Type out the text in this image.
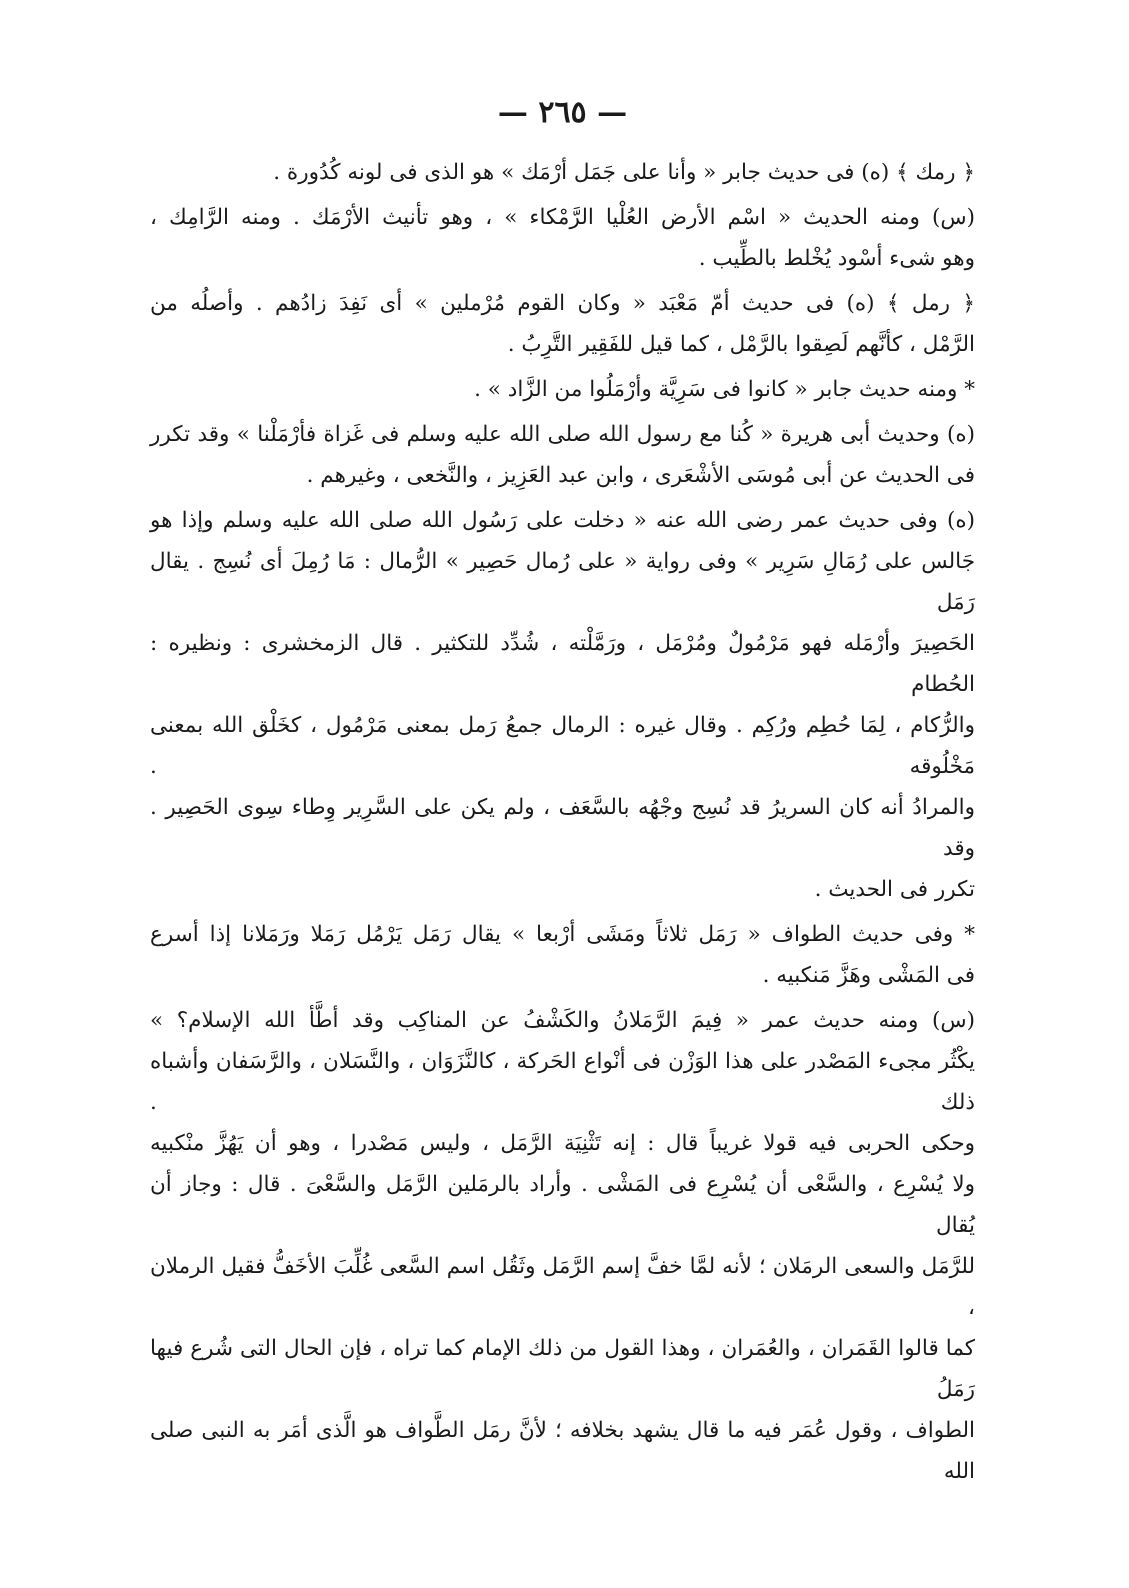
— ٢٦٥ —

﴿ رمك ﴾ (ه) فى حديث جابر « وأنا على جَمَل أرْمَك » هو الذى فى لونه كُدُورة .

(س) ومنه الحديث « اسْم الأرض العُلْيا الرَّمْكاء » ، وهو تأنيث الأرْمَك . ومنه الرَّامِك ،
وهو شىء أسْود يُخْلط بالطِّيب .

﴿ رمل ﴾ (ه) فى حديث أمّ مَعْبَد « وكان القوم مُرْملين » أى نَفِدَ زادُهم . وأصلُه من
الرَّمْل ، كأنَّهم لَصِقوا بالرَّمْل ، كما قيل للفَقِير التَّرِبُ .

* ومنه حديث جابر « كانوا فى سَرِيَّة وأرْمَلُوا من الزَّاد » .

(ه) وحديث أبى هريرة « كُنا مع رسول الله صلى الله عليه وسلم فى غَزاة فأرْمَلْنا » وقد تكرر
فى الحديث عن أبى مُوسَى الأشْعَرى ، وابن عبد العَزِيز ، والنَّخعى ، وغيرهم .

(ه) وفى حديث عمر رضى الله عنه « دخلت على رَسُول الله صلى الله عليه وسلم وإذا هو
جَالس على رُمَالِ سَرِير » وفى رواية « على رُمال حَصِير » الرُّمال : مَا رُمِلَ أى نُسِج . يقال رَمَل
الحَصِيرَ وأرْمَله فهو مَرْمُولٌ ومُرْمَل ، ورَمَّلْته ، شُدِّد للتكثير . قال الزمخشرى : ونظيره : الحُطام
والرُّكام ، لِمَا حُطِم ورُكِم . وقال غيره : الرمال جمعُ رَمل بمعنى مَرْمُول ، كخَلْق الله بمعنى مَخْلُوقه .
والمرادُ أنه كان السريرُ قد نُسِج وجْهُه بالسَّعَف ، ولم يكن على السَّرِير وِطاء سِوى الحَصِير . وقد
تكرر فى الحديث .

* وفى حديث الطواف « رَمَل ثلاثاً ومَشَى أرْبعا » يقال رَمَل يَرْمُل رَمَلا ورَمَلانا إذا أسرع
فى المَشْى وهَزَّ مَنكبيه .

(س) ومنه حديث عمر « فِيمَ الرَّمَلانُ والكَشْفُ عن المناكِب وقد أطَّأ الله الإسلام؟ »
يكْثُر مجىء المَصْدر على هذا الوَزْن فى أنْواع الحَركة ، كالنَّزَوَان ، والنَّسَلان ، والرَّسَفان وأشباه ذلك .
وحكى الحربى فيه قولا غريباً قال : إنه تَثْنِيَة الرَّمَل ، وليس مَصْدرا ، وهو أن يَهُزَّ منْكبيه
ولا يُسْرِع ، والسَّعْى أن يُسْرِع فى المَشْى . وأراد بالرمَلين الرَّمَل والسَّعْىَ . قال : وجاز أن يُقال
للرَّمَل والسعى الرمَلان ؛ لأنه لمَّا خفَّ إسم الرَّمَل وثَقُل اسم السَّعى غُلِّبَ الأخَفُّ فقيل الرملان ،
كما قالوا القَمَران ، والعُمَران ، وهذا القول من ذلك الإمام كما تراه ، فإن الحال التى شُرع فيها رَمَلُ
الطواف ، وقول عُمَر فيه ما قال يشهد بخلافه ؛ لأنَّ رمَل الطَّواف هو الَّذى أمَر به النبى صلى الله
